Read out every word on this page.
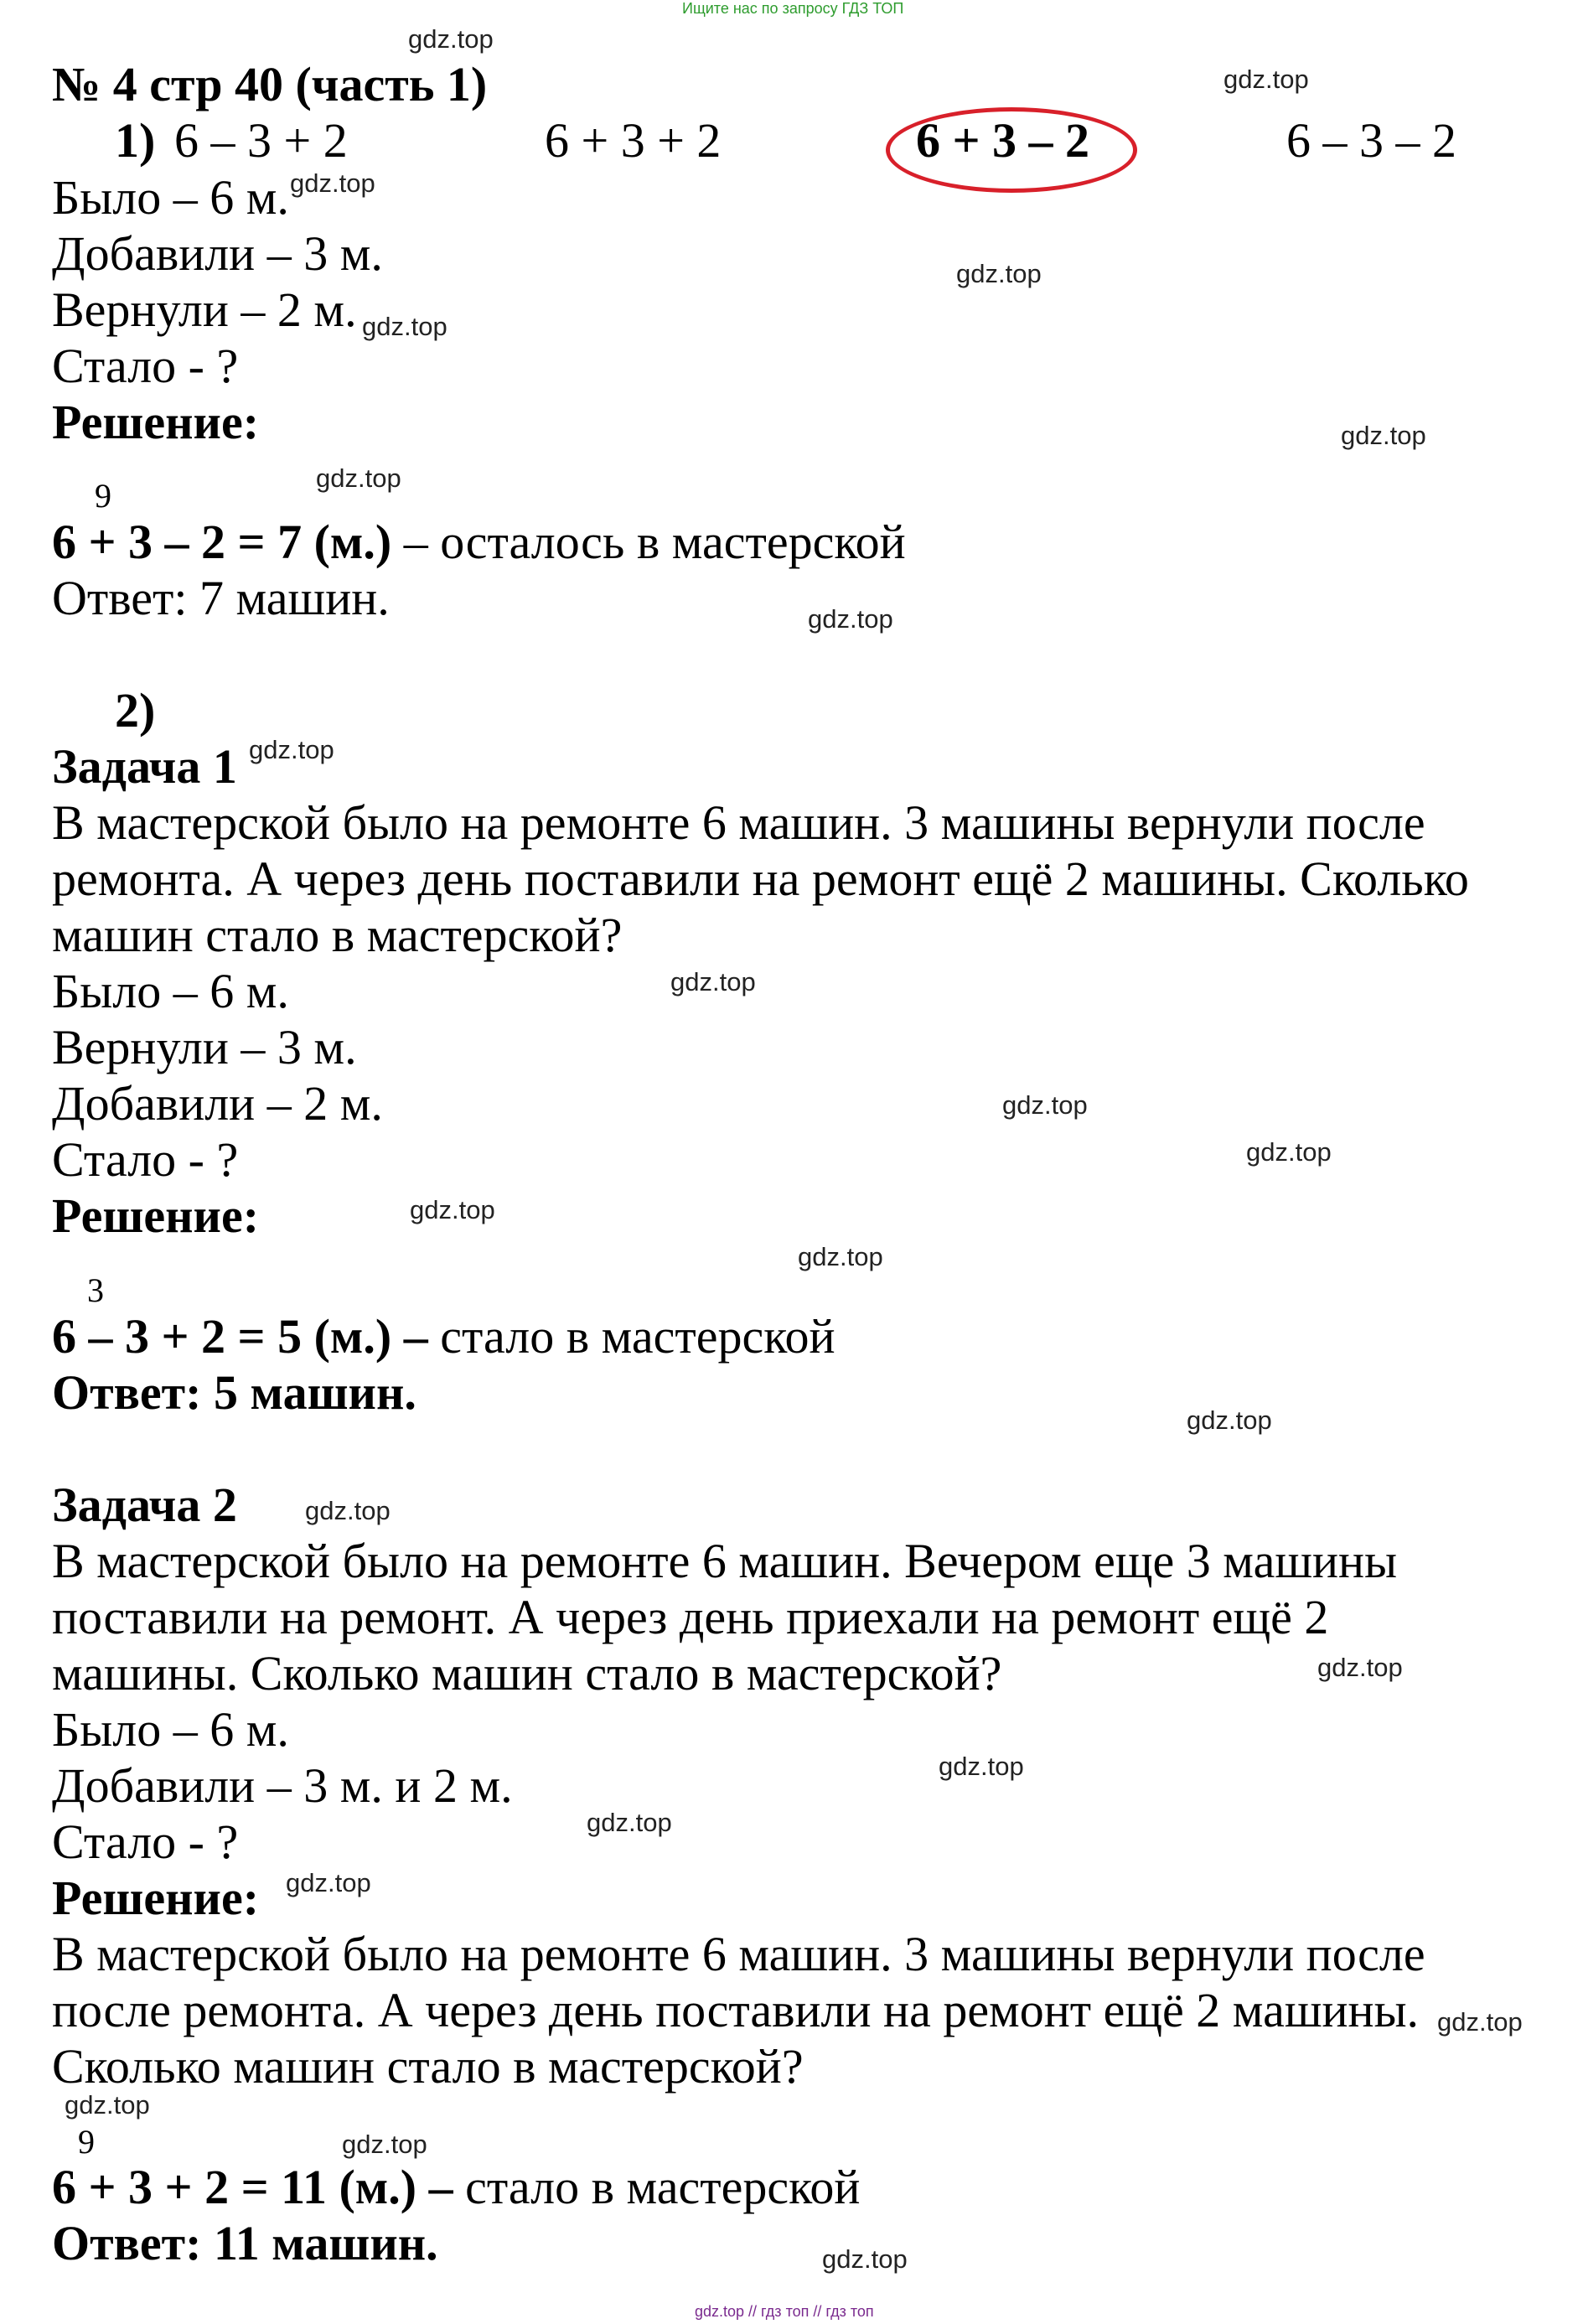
Ищите нас по запросу ГДЗ ТОП
№ 4 стр 40 (часть 1)
1) 6 – 3 + 2	6 + 3 + 2	6 + 3 – 2	6 – 3 – 2
Было – 6 м.
Добавили – 3 м.
Вернули – 2 м.
Стало - ?
Решение:
9
6 + 3 – 2 = 7 (м.) – осталось в мастерской
Ответ: 7 машин.
2)
Задача 1
В мастерской было на ремонте 6 машин. 3 машины вернули после
ремонта. А через день поставили на ремонт ещё 2 машины. Сколько
машин стало в мастерской?
Было – 6 м.
Вернули – 3 м.
Добавили – 2 м.
Стало - ?
Решение:
3
6 – 3 + 2 = 5 (м.) – стало в мастерской
Ответ: 5 машин.
Задача 2
В мастерской было на ремонте 6 машин. Вечером еще 3 машины
поставили на ремонт. А через день приехали на ремонт ещё 2
машины. Сколько машин стало в мастерской?
Было – 6 м.
Добавили – 3 м. и 2 м.
Стало - ?
Решение:
В мастерской было на ремонте 6 машин. 3 машины вернули после
после ремонта. А через день поставили на ремонт ещё 2 машины.
Сколько машин стало в мастерской?
9
6 + 3 + 2 = 11 (м.) – стало в мастерской
Ответ: 11 машин.
gdz.top
gdz.top
gdz.top
gdz.top
gdz.top
gdz.top
gdz.top
gdz.top
gdz.top
gdz.top
gdz.top
gdz.top
gdz.top
gdz.top
gdz.top
gdz.top
gdz.top
gdz.top
gdz.top
gdz.top
gdz.top
gdz.top
gdz.top
gdz.top
gdz.top // гдз топ // гдз топ
